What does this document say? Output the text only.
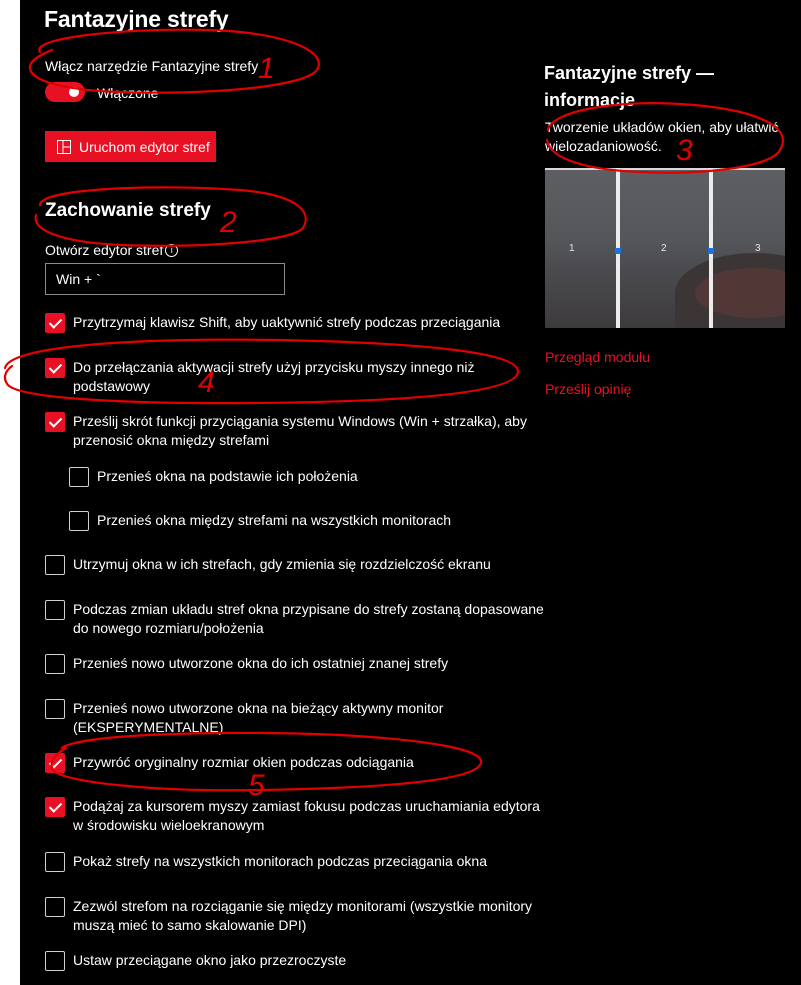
Fantazyjne strefy
Włącz narzędzie Fantazyjne strefy
Włączone
Uruchom edytor stref
Zachowanie strefy
Otwórz edytor stref i
Win + `
Przytrzymaj klawisz Shift, aby uaktywnić strefy podczas przeciągania
Do przełączania aktywacji strefy użyj przycisku myszy innego niż podstawowy
Prześlij skrót funkcji przyciągania systemu Windows (Win + strzałka), aby przenosić okna między strefami
Przenieś okna na podstawie ich położenia
Przenieś okna między strefami na wszystkich monitorach
Utrzymuj okna w ich strefach, gdy zmienia się rozdzielczość ekranu
Podczas zmian układu stref okna przypisane do strefy zostaną dopasowane do nowego rozmiaru/położenia
Przenieś nowo utworzone okna do ich ostatniej znanej strefy
Przenieś nowo utworzone okna na bieżący aktywny monitor (EKSPERYMENTALNE)
Przywróć oryginalny rozmiar okien podczas odciągania
Podążaj za kursorem myszy zamiast fokusu podczas uruchamiania edytora w środowisku wieloekranowym
Pokaż strefy na wszystkich monitorach podczas przeciągania okna
Zezwól strefom na rozciąganie się między monitorami (wszystkie monitory muszą mieć to samo skalowanie DPI)
Ustaw przeciągane okno jako przezroczyste
Fantazyjne strefy — informacje
Tworzenie układów okien, aby ułatwić wielozadaniowość.
1	2	3
Przegląd modułu
Prześlij opinię
1
2
3
4
5
